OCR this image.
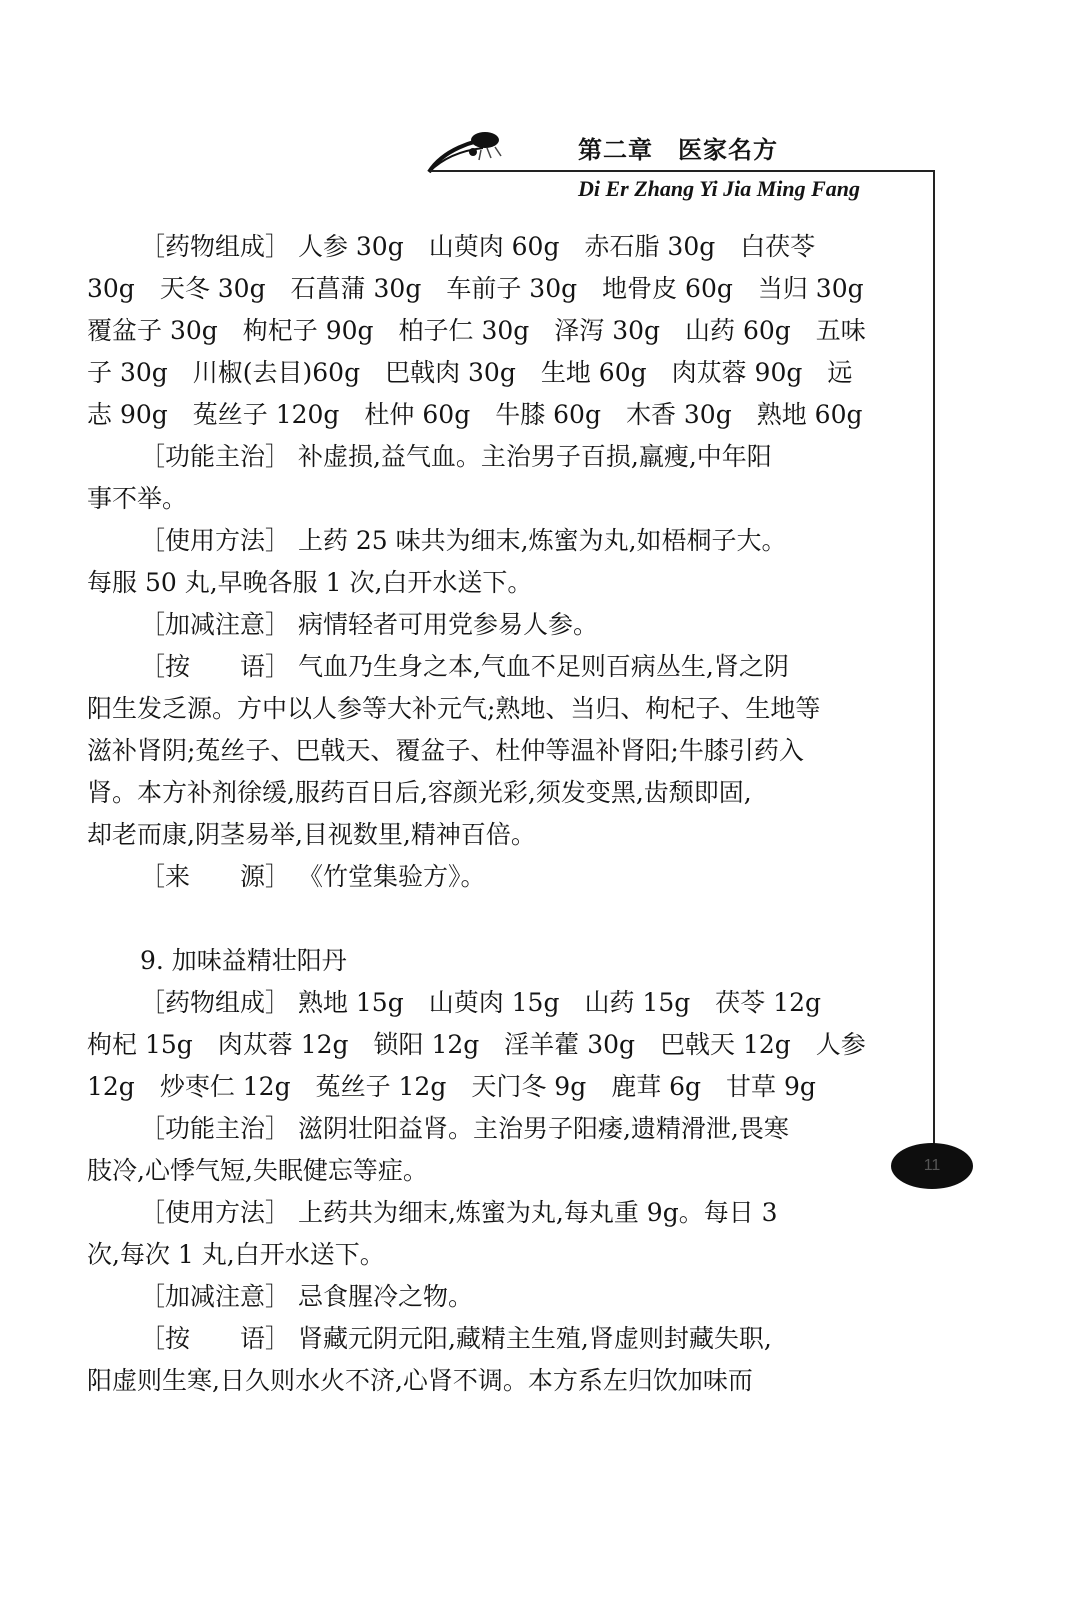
第二章　医家名方
Di Er Zhang Yi Jia Ming Fang
11
［药物组成］ 人参 30g　山萸肉 60g　赤石脂 30g　白茯苓
30g　天冬 30g　石菖蒲 30g　车前子 30g　地骨皮 60g　当归 30g
覆盆子 30g　枸杞子 90g　柏子仁 30g　泽泻 30g　山药 60g　五味
子 30g　川椒(去目)60g　巴戟肉 30g　生地 60g　肉苁蓉 90g　远
志 90g　菟丝子 120g　杜仲 60g　牛膝 60g　木香 30g　熟地 60g
［功能主治］ 补虚损,益气血。主治男子百损,羸瘦,中年阳
事不举。
［使用方法］ 上药 25 味共为细末,炼蜜为丸,如梧桐子大。
每服 50 丸,早晚各服 1 次,白开水送下。
［加减注意］ 病情轻者可用党参易人参。
［按　　语］ 气血乃生身之本,气血不足则百病丛生,肾之阴
阳生发乏源。方中以人参等大补元气;熟地、当归、枸杞子、生地等
滋补肾阴;菟丝子、巴戟天、覆盆子、杜仲等温补肾阳;牛膝引药入
肾。本方补剂徐缓,服药百日后,容颜光彩,须发变黑,齿颓即固,
却老而康,阴茎易举,目视数里,精神百倍。
［来　　源］ 《竹堂集验方》。
9. 加味益精壮阳丹
［药物组成］ 熟地 15g　山萸肉 15g　山药 15g　茯苓 12g
枸杞 15g　肉苁蓉 12g　锁阳 12g　淫羊藿 30g　巴戟天 12g　人参
12g　炒枣仁 12g　菟丝子 12g　天门冬 9g　鹿茸 6g　甘草 9g
［功能主治］ 滋阴壮阳益肾。主治男子阳痿,遗精滑泄,畏寒
肢冷,心悸气短,失眠健忘等症。
［使用方法］ 上药共为细末,炼蜜为丸,每丸重 9g。每日 3
次,每次 1 丸,白开水送下。
［加减注意］ 忌食腥冷之物。
［按　　语］ 肾藏元阴元阳,藏精主生殖,肾虚则封藏失职,
阳虚则生寒,日久则水火不济,心肾不调。本方系左归饮加味而
